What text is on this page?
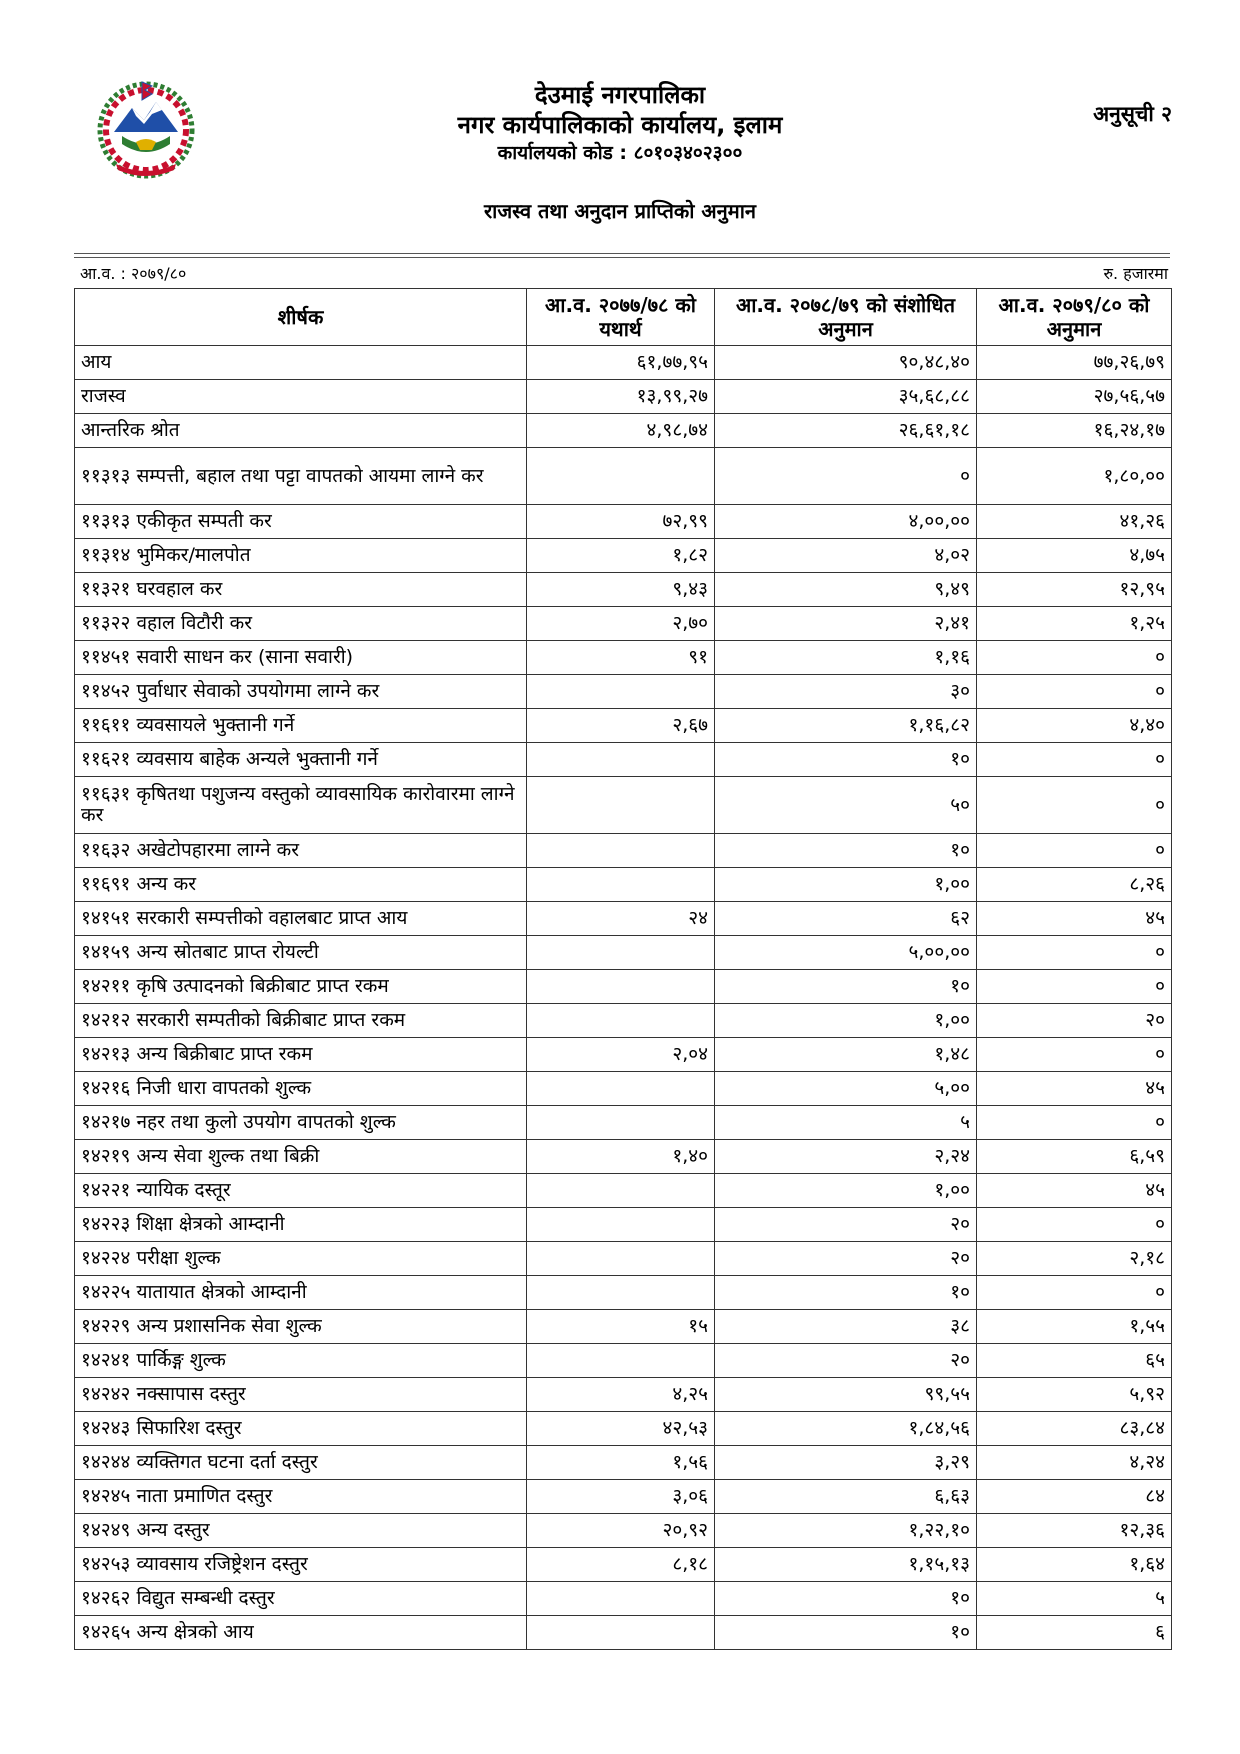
देउमाई नगरपालिका
नगर कार्यपालिकाको कार्यालय, इलाम
कार्यालयको कोड : ८०१०३४०२३००
अनुसूची २
राजस्व तथा अनुदान प्राप्तिको अनुमान
आ.व. : २०७९/८०	रु. हजारमा
शीर्षक	आ.व. २०७७/७८ को यथार्थ	आ.व. २०७८/७९ को संशोधित अनुमान	आ.व. २०७९/८० को अनुमान
आय	६१,७७,९५	९०,४८,४०	७७,२६,७९
राजस्व	१३,९९,२७	३५,६८,८८	२७,५६,५७
आन्तरिक श्रोत	४,९८,७४	२६,६१,१८	१६,२४,१७
११३१३ सम्पत्ती, बहाल तथा पट्टा वापतको आयमा लाग्ने कर		०	१,८०,००
११३१३ एकीकृत सम्पती कर	७२,९९	४,००,००	४१,२६
११३१४ भुमिकर/मालपोत	१,८२	४,०२	४,७५
११३२१ घरवहाल कर	९,४३	९,४९	१२,९५
११३२२ वहाल विटौरी कर	२,७०	२,४१	१,२५
११४५१ सवारी साधन कर (साना सवारी)	९१	१,१६	०
११४५२ पुर्वाधार सेवाको उपयोगमा लाग्ने कर		३०	०
११६११ व्यवसायले भुक्तानी गर्ने	२,६७	१,१६,८२	४,४०
११६२१ व्यवसाय बाहेक अन्यले भुक्तानी गर्ने		१०	०
११६३१ कृषितथा पशुजन्य वस्तुको व्यावसायिक कारोवारमा लाग्ने कर		५०	०
११६३२ अखेटोपहारमा लाग्ने कर		१०	०
११६९१ अन्य कर		१,००	८,२६
१४१५१ सरकारी सम्पत्तीको वहालबाट प्राप्त आय	२४	६२	४५
१४१५९ अन्य स्रोतबाट प्राप्त रोयल्टी		५,००,००	०
१४२११ कृषि उत्पादनको बिक्रीबाट प्राप्त रकम		१०	०
१४२१२ सरकारी सम्पतीको बिक्रीबाट प्राप्त रकम		१,००	२०
१४२१३ अन्य बिक्रीबाट प्राप्त रकम	२,०४	१,४८	०
१४२१६ निजी धारा वापतको शुल्क		५,००	४५
१४२१७ नहर तथा कुलो उपयोग वापतको शुल्क		५	०
१४२१९ अन्य सेवा शुल्क तथा बिक्री	१,४०	२,२४	६,५९
१४२२१ न्यायिक दस्तूर		१,००	४५
१४२२३ शिक्षा क्षेत्रको आम्दानी		२०	०
१४२२४ परीक्षा शुल्क		२०	२,१८
१४२२५ यातायात क्षेत्रको आम्दानी		१०	०
१४२२९ अन्य प्रशासनिक सेवा शुल्क	१५	३८	१,५५
१४२४१ पार्किङ्ग शुल्क		२०	६५
१४२४२ नक्सापास दस्तुर	४,२५	९९,५५	५,९२
१४२४३ सिफारिश दस्तुर	४२,५३	१,८४,५६	८३,८४
१४२४४ व्यक्तिगत घटना दर्ता दस्तुर	१,५६	३,२९	४,२४
१४२४५ नाता प्रमाणित दस्तुर	३,०६	६,६३	८४
१४२४९ अन्य दस्तुर	२०,९२	१,२२,१०	१२,३६
१४२५३ व्यावसाय रजिष्ट्रेशन दस्तुर	८,१८	१,१५,१३	१,६४
१४२६२ विद्युत सम्बन्धी दस्तुर		१०	५
१४२६५ अन्य क्षेत्रको आय		१०	६
